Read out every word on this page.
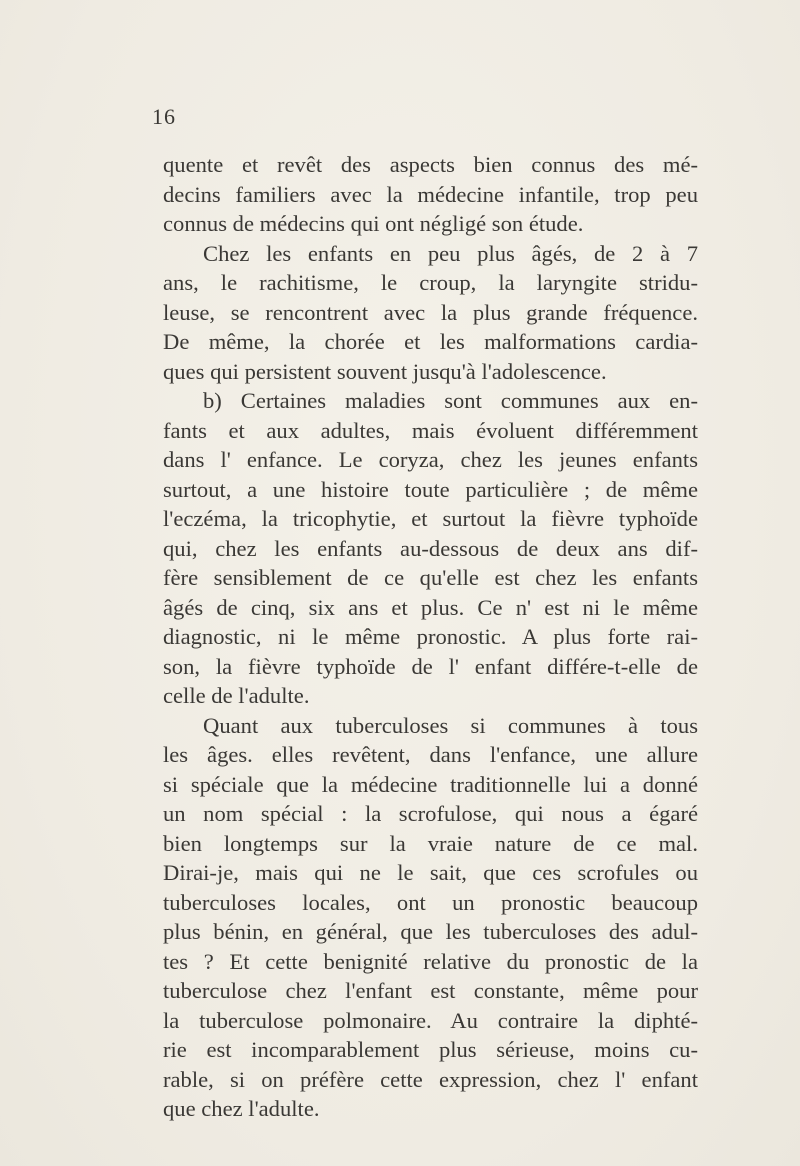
16
quente et revêt des aspects bien connus des mé-
decins familiers avec la médecine infantile, trop peu
connus de médecins qui ont négligé son étude.
Chez les enfants en peu plus âgés, de 2 à 7
ans, le rachitisme, le croup, la laryngite stridu-
leuse, se rencontrent avec la plus grande fréquence.
De même, la chorée et les malformations cardia-
ques qui persistent souvent jusqu'à l'adolescence.
b) Certaines maladies sont communes aux en-
fants et aux adultes, mais évoluent différemment
dans l' enfance. Le coryza, chez les jeunes enfants
surtout, a une histoire toute particulière ; de même
l'eczéma, la tricophytie, et surtout la fièvre typhoïde
qui, chez les enfants au-dessous de deux ans dif-
fère sensiblement de ce qu'elle est chez les enfants
âgés de cinq, six ans et plus. Ce n' est ni le même
diagnostic, ni le même pronostic. A plus forte rai-
son, la fièvre typhoïde de l' enfant différe-t-elle de
celle de l'adulte.
Quant aux tuberculoses si communes à tous
les âges. elles revêtent, dans l'enfance, une allure
si spéciale que la médecine traditionnelle lui a donné
un nom spécial : la scrofulose, qui nous a égaré
bien longtemps sur la vraie nature de ce mal.
Dirai-je, mais qui ne le sait, que ces scrofules ou
tuberculoses locales, ont un pronostic beaucoup
plus bénin, en général, que les tuberculoses des adul-
tes ? Et cette benignité relative du pronostic de la
tuberculose chez l'enfant est constante, même pour
la tuberculose polmonaire. Au contraire la diphté-
rie est incomparablement plus sérieuse, moins cu-
rable, si on préfère cette expression, chez l' enfant
que chez l'adulte.
